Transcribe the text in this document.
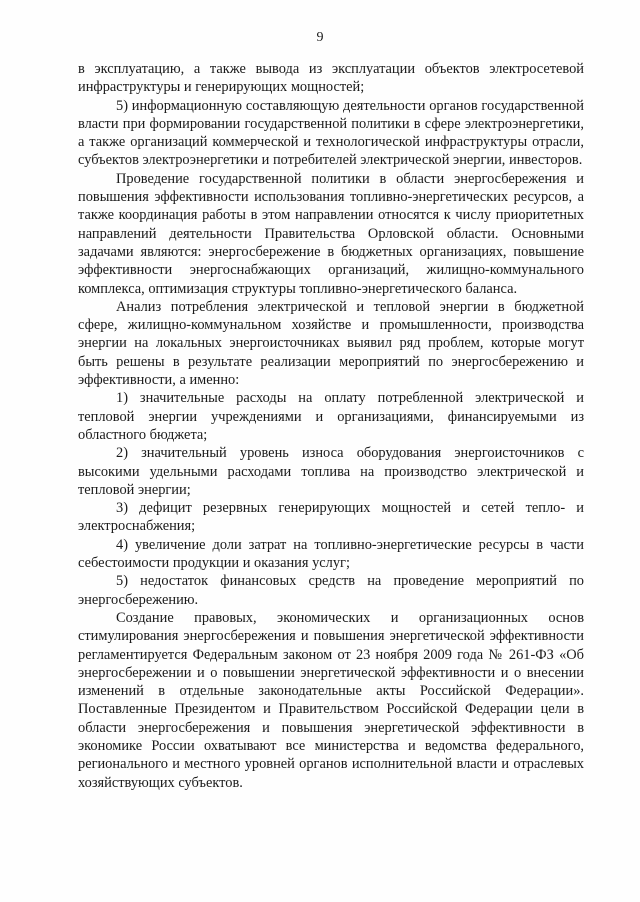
9

в эксплуатацию, а также вывода из эксплуатации объектов электросетевой инфраструктуры и генерирующих мощностей;

5) информационную составляющую деятельности органов государственной власти при формировании государственной политики в сфере электроэнергетики, а также организаций коммерческой и технологической инфраструктуры отрасли, субъектов электроэнергетики и потребителей электрической энергии, инвесторов.

Проведение государственной политики в области энергосбережения и повышения эффективности использования топливно-энергетических ресурсов, а также координация работы в этом направлении относятся к числу приоритетных направлений деятельности Правительства Орловской области. Основными задачами являются: энергосбережение в бюджетных организациях, повышение эффективности энергоснабжающих организаций, жилищно-коммунального комплекса, оптимизация структуры топливно-энергетического баланса.

Анализ потребления электрической и тепловой энергии в бюджетной сфере, жилищно-коммунальном хозяйстве и промышленности, производства энергии на локальных энергоисточниках выявил ряд проблем, которые могут быть решены в результате реализации мероприятий по энергосбережению и эффективности, а именно:

1) значительные расходы на оплату потребленной электрической и тепловой энергии учреждениями и организациями, финансируемыми из областного бюджета;

2) значительный уровень износа оборудования энергоисточников с высокими удельными расходами топлива на производство электрической и тепловой энергии;

3) дефицит резервных генерирующих мощностей и сетей тепло- и электроснабжения;

4) увеличение доли затрат на топливно-энергетические ресурсы в части себестоимости продукции и оказания услуг;

5) недостаток финансовых средств на проведение мероприятий по энергосбережению.

Создание правовых, экономических и организационных основ стимулирования энергосбережения и повышения энергетической эффективности регламентируется Федеральным законом от 23 ноября 2009 года № 261-ФЗ «Об энергосбережении и о повышении энергетической эффективности и о внесении изменений в отдельные законодательные акты Российской Федерации». Поставленные Президентом и Правительством Российской Федерации цели в области энергосбережения и повышения энергетической эффективности в экономике России охватывают все министерства и ведомства федерального, регионального и местного уровней органов исполнительной власти и отраслевых хозяйствующих субъектов.
